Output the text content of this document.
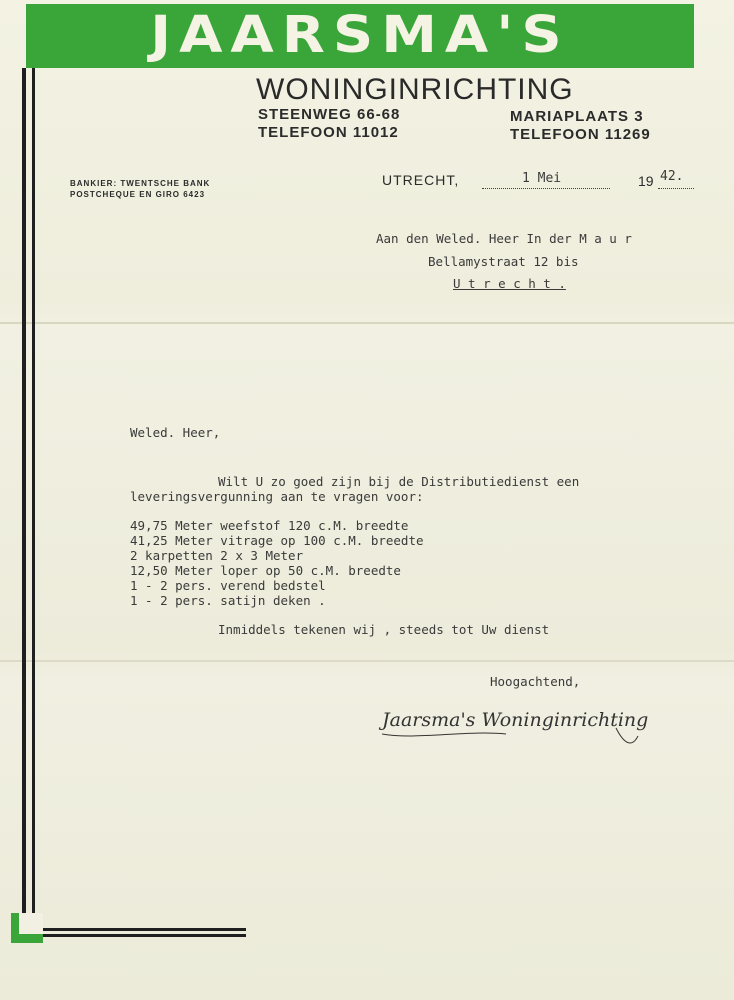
JAARSMA'S
WONINGINRICHTING
STEENWEG 66-68
TELEFOON 11012
MARIAPLAATS 3
TELEFOON 11269
BANKIER: TWENTSCHE BANK
POSTCHEQUE EN GIRO 6423
UTRECHT,	1 Mei	19 42.
Aan den Weled. Heer In der M a u r
Bellamystraat 12 bis
U t r e c h t .
Weled. Heer,
Wilt U zo goed zijn bij de Distributiedienst een
leveringsvergunning aan te vragen voor:
49,75 Meter weefstof 120 c.M. breedte
41,25 Meter vitrage op 100 c.M. breedte
2 karpetten 2 x 3 Meter
12,50 Meter loper op 50 c.M. breedte
1 - 2 pers. verend bedstel
1 - 2 pers. satijn deken .
Inmiddels tekenen wij , steeds tot Uw dienst
Hoogachtend,
Jaarsma's Woninginrichting
